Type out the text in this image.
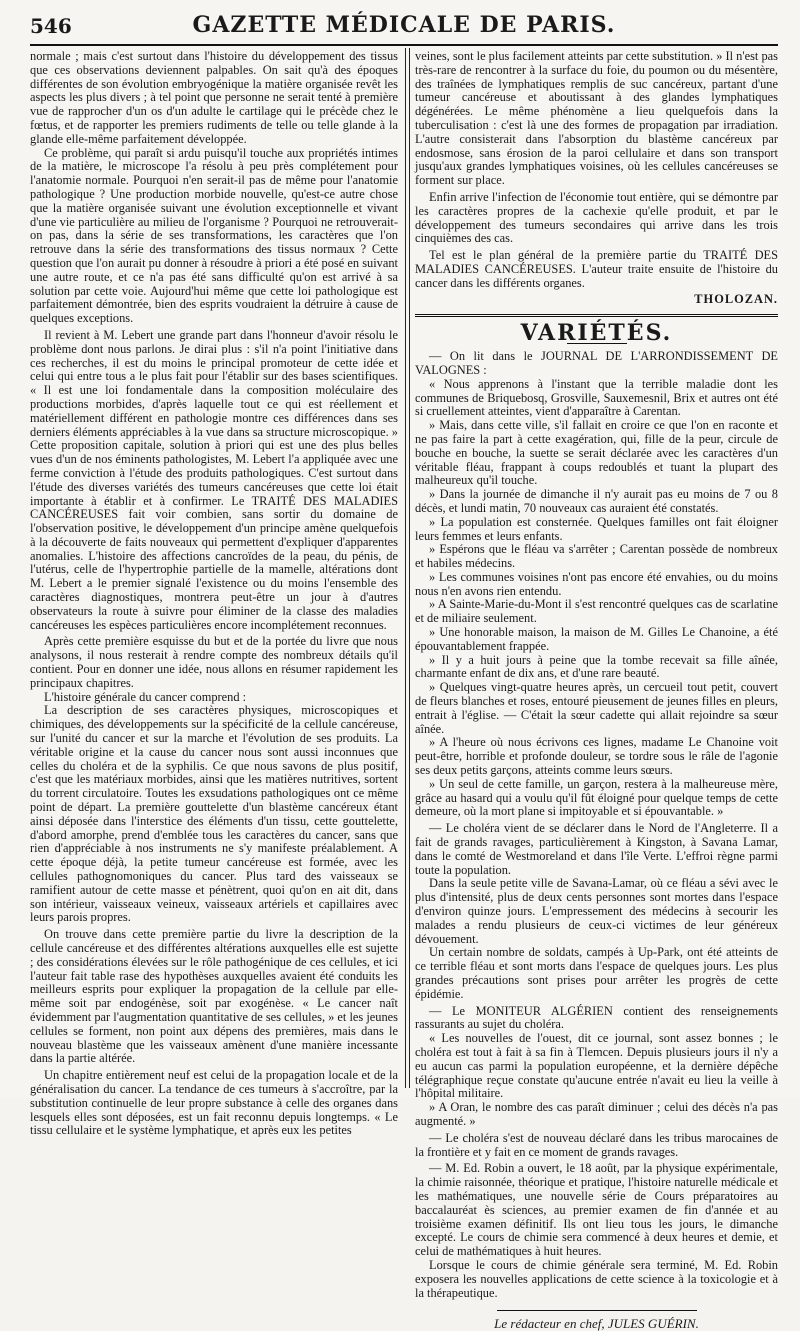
546	GAZETTE MÉDICALE DE PARIS.

normale ; mais c'est surtout dans l'histoire du développement des tissus que ces observations deviennent palpables. On sait qu'à des époques différentes de son évolution embryogénique la matière organisée revêt les aspects les plus divers ; à tel point que personne ne serait tenté à première vue de rapprocher d'un os d'un adulte le cartilage qui le précède chez le fœtus, et de rapporter les premiers rudiments de telle ou telle glande à la glande elle-même parfaitement développée.

Ce problème, qui paraît si ardu puisqu'il touche aux propriétés intimes de la matière, le microscope l'a résolu à peu près complétement pour l'anatomie normale. Pourquoi n'en serait-il pas de même pour l'anatomie pathologique ? Une production morbide nouvelle, qu'est-ce autre chose que la matière organisée suivant une évolution exceptionnelle et vivant d'une vie particulière au milieu de l'organisme ? Pourquoi ne retrouverait-on pas, dans la série de ses transformations, les caractères que l'on retrouve dans la série des transformations des tissus normaux ? Cette question que l'on aurait pu donner à résoudre à priori a été posé en suivant une autre route, et ce n'a pas été sans difficulté qu'on est arrivé à sa solution par cette voie. Aujourd'hui même que cette loi pathologique est parfaitement démontrée, bien des esprits voudraient la détruire à cause de quelques exceptions.

Il revient à M. Lebert une grande part dans l'honneur d'avoir résolu le problème dont nous parlons. Je dirai plus : s'il n'a point l'initiative dans ces recherches, il est du moins le principal promoteur de cette idée et celui qui entre tous a le plus fait pour l'établir sur des bases scientifiques. « Il est une loi fondamentale dans la composition moléculaire des productions morbides, d'après laquelle tout ce qui est réellement et matériellement différent en pathologie montre ces différences dans ses derniers éléments appréciables à la vue dans sa structure microscopique. » Cette proposition capitale, solution à priori qui est une des plus belles vues d'un de nos éminents pathologistes, M. Lebert l'a appliquée avec une ferme conviction à l'étude des produits pathologiques. C'est surtout dans l'étude des diverses variétés des tumeurs cancéreuses que cette loi était importante à établir et à confirmer. Le TRAITÉ DES MALADIES CANCÉREUSES fait voir combien, sans sortir du domaine de l'observation positive, le développement d'un principe amène quelquefois à la découverte de faits nouveaux qui permettent d'expliquer d'apparentes anomalies. L'histoire des affections cancroïdes de la peau, du pénis, de l'utérus, celle de l'hypertrophie partielle de la mamelle, altérations dont M. Lebert a le premier signalé l'existence ou du moins l'ensemble des caractères diagnostiques, montrera peut-être un jour à d'autres observateurs la route à suivre pour éliminer de la classe des maladies cancéreuses les espèces particulières encore incomplétement reconnues.

Après cette première esquisse du but et de la portée du livre que nous analysons, il nous resterait à rendre compte des nombreux détails qu'il contient. Pour en donner une idée, nous allons en résumer rapidement les principaux chapitres.

L'histoire générale du cancer comprend :

La description de ses caractères physiques, microscopiques et chimiques, des développements sur la spécificité de la cellule cancéreuse, sur l'unité du cancer et sur la marche et l'évolution de ses produits. La véritable origine et la cause du cancer nous sont aussi inconnues que celles du choléra et de la syphilis. Ce que nous savons de plus positif, c'est que les matériaux morbides, ainsi que les matières nutritives, sortent du torrent circulatoire. Toutes les exsudations pathologiques ont ce même point de départ. La première gouttelette d'un blastème cancéreux étant ainsi déposée dans l'interstice des éléments d'un tissu, cette gouttelette, d'abord amorphe, prend d'emblée tous les caractères du cancer, sans que rien d'appréciable à nos instruments ne s'y manifeste préalablement. A cette époque déjà, la petite tumeur cancéreuse est formée, avec les cellules pathognomoniques du cancer. Plus tard des vaisseaux se ramifient autour de cette masse et pénètrent, quoi qu'on en ait dit, dans son intérieur, vaisseaux veineux, vaisseaux artériels et capillaires avec leurs parois propres.

On trouve dans cette première partie du livre la description de la cellule cancéreuse et des différentes altérations auxquelles elle est sujette ; des considérations élevées sur le rôle pathogénique de ces cellules, et ici l'auteur fait table rase des hypothèses auxquelles avaient été conduits les meilleurs esprits pour expliquer la propagation de la cellule par elle-même soit par endogénèse, soit par exogénèse. « Le cancer naît évidemment par l'augmentation quantitative de ses cellules, » et les jeunes cellules se forment, non point aux dépens des premières, mais dans le nouveau blastème que les vaisseaux amènent d'une manière incessante dans la partie altérée.

Un chapitre entièrement neuf est celui de la propagation locale et de la généralisation du cancer. La tendance de ces tumeurs à s'accroître, par la substitution continuelle de leur propre substance à celle des organes dans lesquels elles sont déposées, est un fait reconnu depuis longtemps. « Le tissu cellulaire et le système lymphatique, et après eux les petites

veines, sont le plus facilement atteints par cette substitution. » Il n'est pas très-rare de rencontrer à la surface du foie, du poumon ou du mésentère, des traînées de lymphatiques remplis de suc cancéreux, partant d'une tumeur cancéreuse et aboutissant à des glandes lymphatiques dégénérées. Le même phénomène a lieu quelquefois dans la tuberculisation : c'est là une des formes de propagation par irradiation. L'autre consisterait dans l'absorption du blastème cancéreux par endosmose, sans érosion de la paroi cellulaire et dans son transport jusqu'aux grandes lymphatiques voisines, où les cellules cancéreuses se forment sur place.

Enfin arrive l'infection de l'économie tout entière, qui se démontre par les caractères propres de la cachexie qu'elle produit, et par le développement des tumeurs secondaires qui arrive dans les trois cinquièmes des cas.

Tel est le plan général de la première partie du TRAITÉ DES MALADIES CANCÉREUSES. L'auteur traite ensuite de l'histoire du cancer dans les différents organes.

THOLOZAN.
VARIÉTÉS.

— On lit dans le JOURNAL DE L'ARRONDISSEMENT DE VALOGNES :

« Nous apprenons à l'instant que la terrible maladie dont les communes de Briquebosq, Grosville, Sauxemesnil, Brix et autres ont été si cruellement atteintes, vient d'apparaître à Carentan.

» Mais, dans cette ville, s'il fallait en croire ce que l'on en raconte et ne pas faire la part à cette exagération, qui, fille de la peur, circule de bouche en bouche, la suette se serait déclarée avec les caractères d'un véritable fléau, frappant à coups redoublés et tuant la plupart des malheureux qu'il touche.

» Dans la journée de dimanche il n'y aurait pas eu moins de 7 ou 8 décès, et lundi matin, 70 nouveaux cas auraient été constatés.

» La population est consternée. Quelques familles ont fait éloigner leurs femmes et leurs enfants.

» Espérons que le fléau va s'arrêter ; Carentan possède de nombreux et habiles médecins.

» Les communes voisines n'ont pas encore été envahies, ou du moins nous n'en avons rien entendu.

» A Sainte-Marie-du-Mont il s'est rencontré quelques cas de scarlatine et de miliaire seulement.

» Une honorable maison, la maison de M. Gilles Le Chanoine, a été épouvantablement frappée.

» Il y a huit jours à peine que la tombe recevait sa fille aînée, charmante enfant de dix ans, et d'une rare beauté.

» Quelques vingt-quatre heures après, un cercueil tout petit, couvert de fleurs blanches et roses, entouré pieusement de jeunes filles en pleurs, entrait à l'église. — C'était la sœur cadette qui allait rejoindre sa sœur aînée.

» A l'heure où nous écrivons ces lignes, madame Le Chanoine voit peut-être, horrible et profonde douleur, se tordre sous le râle de l'agonie ses deux petits garçons, atteints comme leurs sœurs.

» Un seul de cette famille, un garçon, restera à la malheureuse mère, grâce au hasard qui a voulu qu'il fût éloigné pour quelque temps de cette demeure, où la mort plane si impitoyable et si épouvantable. »

— Le choléra vient de se déclarer dans le Nord de l'Angleterre. Il a fait de grands ravages, particulièrement à Kingston, à Savana Lamar, dans le comté de Westmoreland et dans l'île Verte. L'effroi règne parmi toute la population.

Dans la seule petite ville de Savana-Lamar, où ce fléau a sévi avec le plus d'intensité, plus de deux cents personnes sont mortes dans l'espace d'environ quinze jours. L'empressement des médecins à secourir les malades a rendu plusieurs de ceux-ci victimes de leur généreux dévouement.

Un certain nombre de soldats, campés à Up-Park, ont été atteints de ce terrible fléau et sont morts dans l'espace de quelques jours. Les plus grandes précautions sont prises pour arrêter les progrès de cette épidémie.

— Le MONITEUR ALGÉRIEN contient des renseignements rassurants au sujet du choléra.

« Les nouvelles de l'ouest, dit ce journal, sont assez bonnes ; le choléra est tout à fait à sa fin à Tlemcen. Depuis plusieurs jours il n'y a eu aucun cas parmi la population européenne, et la dernière dépêche télégraphique reçue constate qu'aucune entrée n'avait eu lieu la veille à l'hôpital militaire.

» A Oran, le nombre des cas paraît diminuer ; celui des décès n'a pas augmenté. »

— Le choléra s'est de nouveau déclaré dans les tribus marocaines de la frontière et y fait en ce moment de grands ravages.

— M. Ed. Robin a ouvert, le 18 août, par la physique expérimentale, la chimie raisonnée, théorique et pratique, l'histoire naturelle médicale et les mathématiques, une nouvelle série de Cours préparatoires au baccalauréat ès sciences, au premier examen de fin d'année et au troisième examen définitif. Ils ont lieu tous les jours, le dimanche excepté. Le cours de chimie sera commencé à deux heures et demie, et celui de mathématiques à huit heures.

Lorsque le cours de chimie générale sera terminé, M. Ed. Robin exposera les nouvelles applications de cette science à la toxicologie et à la thérapeutique.

Le rédacteur en chef, JULES GUÉRIN.
